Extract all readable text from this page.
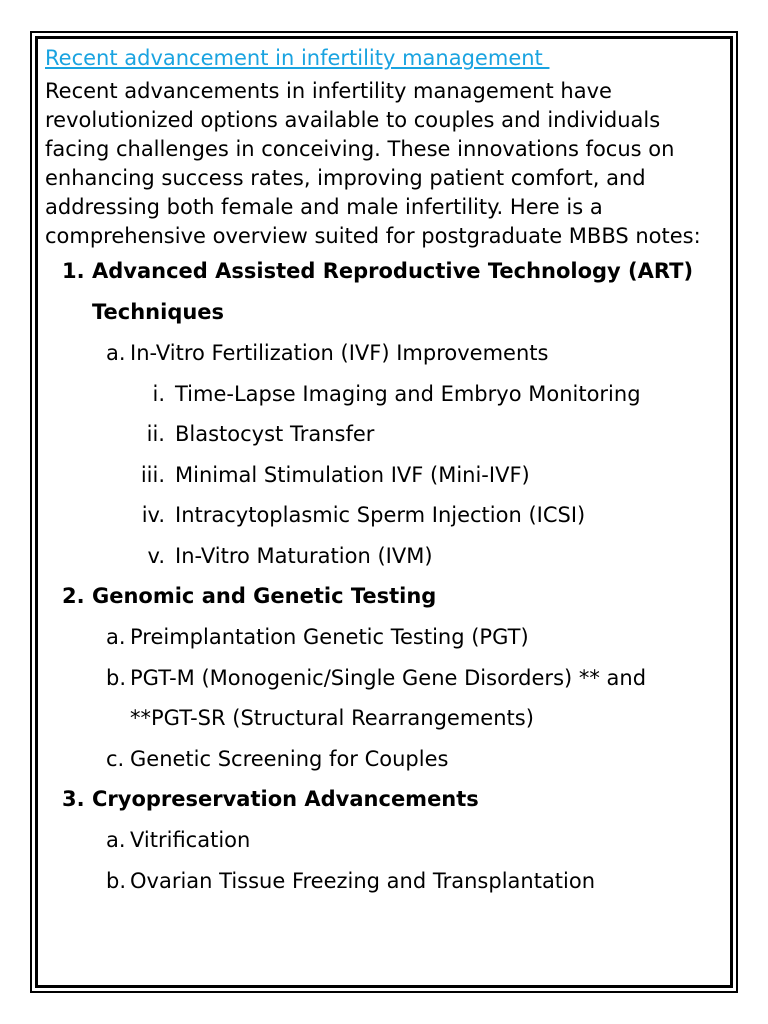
Recent advancement in infertility management

Recent advancements in infertility management have revolutionized options available to couples and individuals facing challenges in conceiving. These innovations focus on enhancing success rates, improving patient comfort, and addressing both female and male infertility. Here is a comprehensive overview suited for postgraduate MBBS notes:

1. Advanced Assisted Reproductive Technology (ART) Techniques
a. In-Vitro Fertilization (IVF) Improvements
i. Time-Lapse Imaging and Embryo Monitoring
ii. Blastocyst Transfer
iii. Minimal Stimulation IVF (Mini-IVF)
iv. Intracytoplasmic Sperm Injection (ICSI)
v. In-Vitro Maturation (IVM)
2. Genomic and Genetic Testing
a. Preimplantation Genetic Testing (PGT)
b. PGT-M (Monogenic/Single Gene Disorders) ** and **PGT-SR (Structural Rearrangements)
c. Genetic Screening for Couples
3. Cryopreservation Advancements
a. Vitrification
b. Ovarian Tissue Freezing and Transplantation
